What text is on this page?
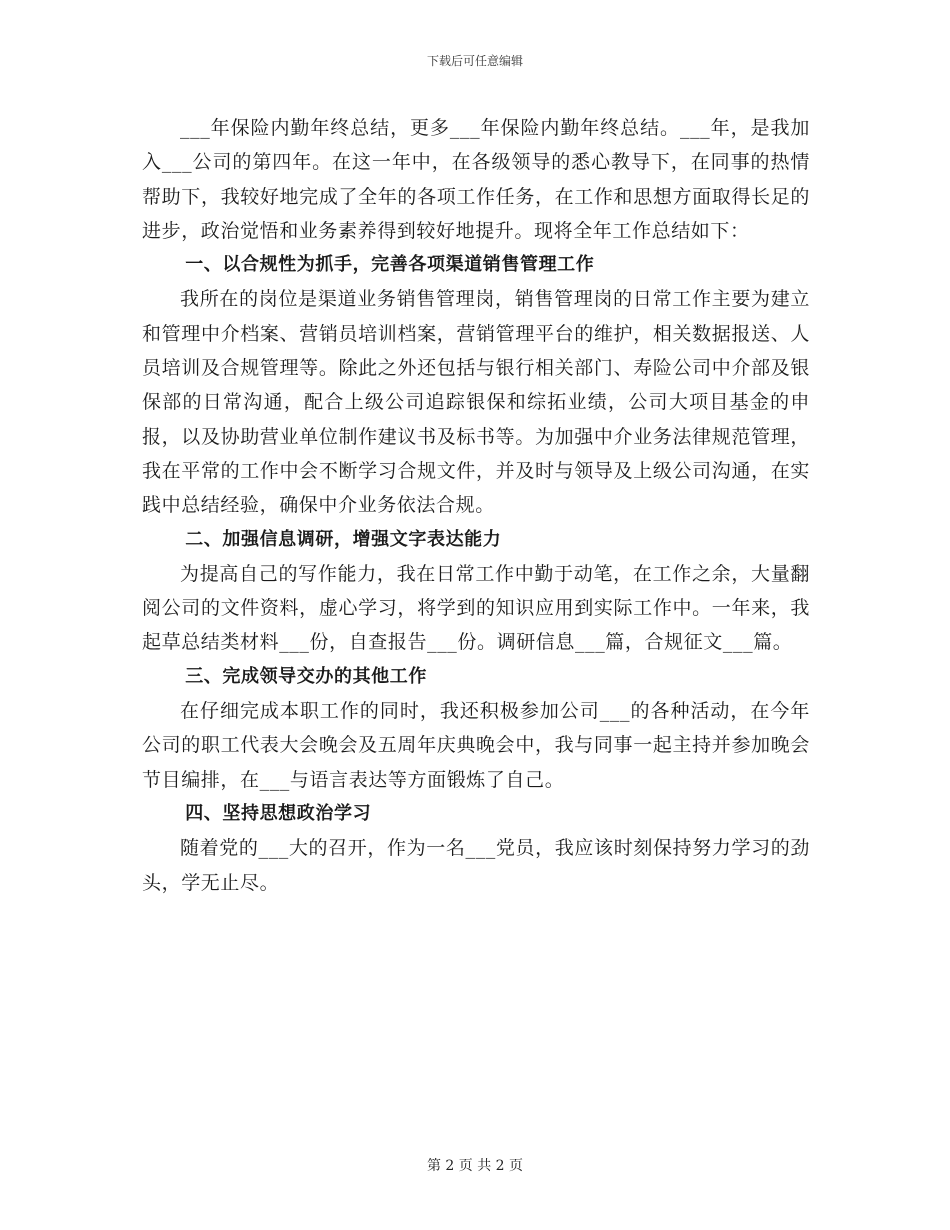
下载后可任意编辑

___年保险内勤年终总结，更多___年保险内勤年终总结。___年，是我加入___公司的第四年。在这一年中，在各级领导的悉心教导下，在同事的热情帮助下，我较好地完成了全年的各项工作任务，在工作和思想方面取得长足的进步，政治觉悟和业务素养得到较好地提升。现将全年工作总结如下：

一、以合规性为抓手，完善各项渠道销售管理工作

我所在的岗位是渠道业务销售管理岗，销售管理岗的日常工作主要为建立和管理中介档案、营销员培训档案，营销管理平台的维护，相关数据报送、人员培训及合规管理等。除此之外还包括与银行相关部门、寿险公司中介部及银保部的日常沟通，配合上级公司追踪银保和综拓业绩，公司大项目基金的申报，以及协助营业单位制作建议书及标书等。为加强中介业务法律规范管理，我在平常的工作中会不断学习合规文件，并及时与领导及上级公司沟通，在实践中总结经验，确保中介业务依法合规。

二、加强信息调研，增强文字表达能力

为提高自己的写作能力，我在日常工作中勤于动笔，在工作之余，大量翻阅公司的文件资料，虚心学习，将学到的知识应用到实际工作中。一年来，我起草总结类材料___份，自查报告___份。调研信息___篇，合规征文___篇。

三、完成领导交办的其他工作

在仔细完成本职工作的同时，我还积极参加公司___的各种活动，在今年公司的职工代表大会晚会及五周年庆典晚会中，我与同事一起主持并参加晚会节目编排，在___与语言表达等方面锻炼了自己。

四、坚持思想政治学习

随着党的___大的召开，作为一名___党员，我应该时刻保持努力学习的劲头，学无止尽。

第 2 页 共 2 页
